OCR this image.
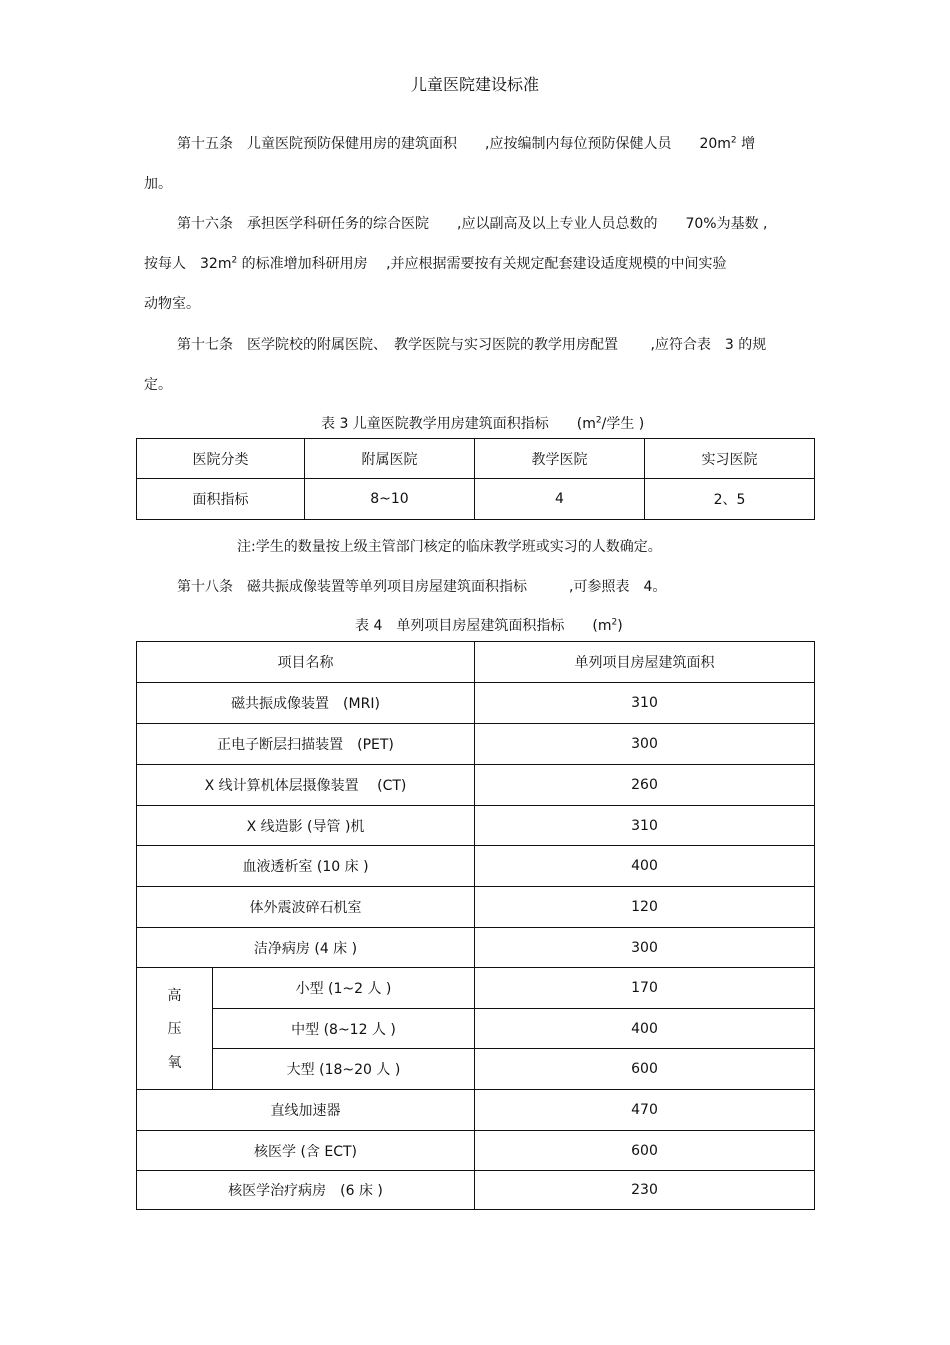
儿童医院建设标准
第十五条　儿童医院预防保健用房的建筑面积　　,应按编制内每位预防保健人员　　$20m^2$ 增
加。
第十六条　承担医学科研任务的综合医院　　,应以副高及以上专业人员总数的　　70%为基数 ,
按每人　$32m^2$ 的标准增加科研用房　 ,并应根据需要按有关规定配套建设适度规模的中间实验
动物室。
第十七条　医学院校的附属医院、　教学医院与实习医院的教学用房配置　　 ,应符合表　3 的规
定。
表 3 儿童医院教学用房建筑面积指标　　($m^2/$学生 )
医院分类	附属医院	教学医院	实习医院
面积指标	8~10	4	2、5
注:学生的数量按上级主管部门核定的临床教学班或实习的人数确定。
第十八条　磁共振成像装置等单列项目房屋建筑面积指标　　　,可参照表　4。
表 4　单列项目房屋建筑面积指标　　$(m^2)$
项目名称		单列项目房屋建筑面积
磁共振成像装置　(MRI)		310
正电子断层扫描装置　(PET)		300
X 线计算机体层摄像装置　 (CT)		260
X 线造影 (导管 )机		310
血液透析室 (10 床 )		400
体外震波碎石机室		120
洁净病房 (4 床 )		300

高
压
氧	小型 (1~2 人 )	170
	中型 (8~12 人 )	400
	大型 (18~20 人 )	600
直线加速器		470
核医学 (含 ECT)		600
核医学治疗病房　(6 床 )		230
